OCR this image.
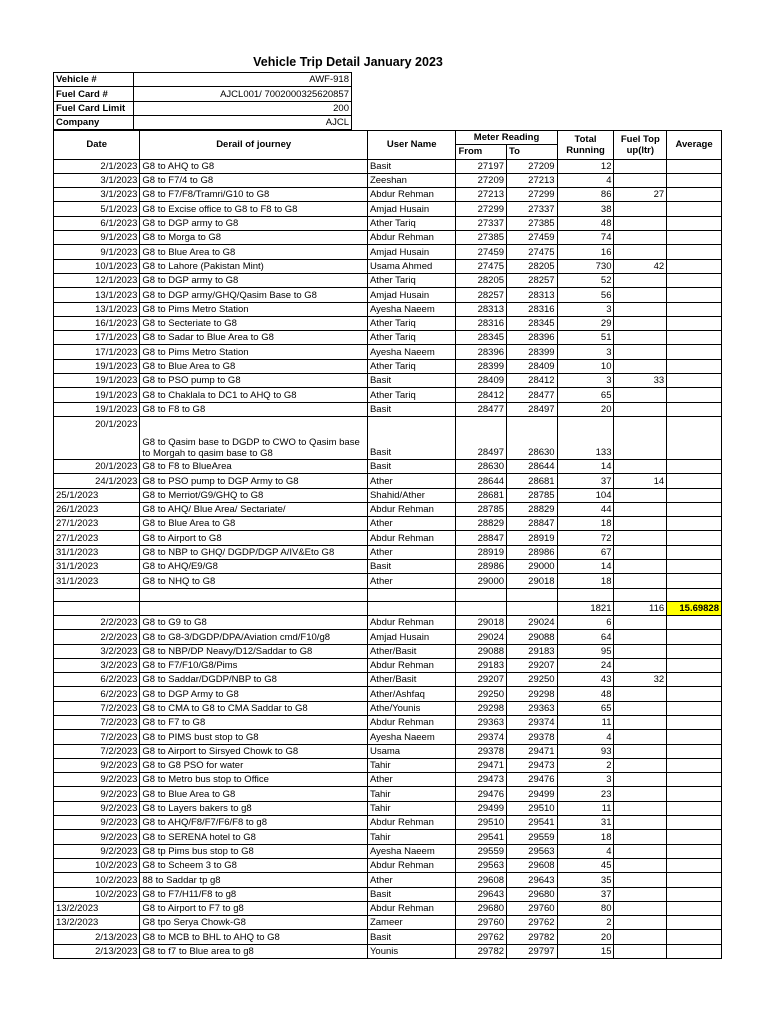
Vehicle Trip Detail January 2023
Vehicle #	AWF-918
Fuel Card #	AJCL001/ 7002000325620857
Fuel Card Limit	200
Company	AJCL
Date	Derail of journey	User Name	Meter Reading		Total Running	Fuel Top up(ltr)	Average
			From	To			
2/1/2023	G8 to AHQ to G8	Basit	27197	27209	12		
3/1/2023	G8 to F7/4 to G8	Zeeshan	27209	27213	4		
3/1/2023	G8 to F7/F8/Tramri/G10 to G8	Abdur Rehman	27213	27299	86	27	
5/1/2023	G8 to Excise office to G8 to F8 to G8	Amjad Husain	27299	27337	38		
6/1/2023	G8 to DGP army to G8	Ather Tariq	27337	27385	48		
9/1/2023	G8 to Morga to G8	Abdur Rehman	27385	27459	74		
9/1/2023	G8 to Blue Area to G8	Amjad Husain	27459	27475	16		
10/1/2023	G8 to Lahore (Pakistan Mint)	Usama Ahmed	27475	28205	730	42	
12/1/2023	G8 to DGP army to G8	Ather Tariq	28205	28257	52		
13/1/2023	G8 to DGP army/GHQ/Qasim Base to G8	Amjad Husain	28257	28313	56		
13/1/2023	G8 to Pims Metro Station	Ayesha Naeem	28313	28316	3		
16/1/2023	G8 to Secteriate to G8	Ather Tariq	28316	28345	29		
17/1/2023	G8 to Sadar to Blue Area to G8	Ather Tariq	28345	28396	51		
17/1/2023	G8 to Pims Metro Station	Ayesha Naeem	28396	28399	3		
19/1/2023	G8 to Blue Area to G8	Ather Tariq	28399	28409	10		
19/1/2023	G8 to PSO pump to G8	Basit	28409	28412	3	33	
19/1/2023	G8 to Chaklala to DC1 to AHQ to G8	Ather Tariq	28412	28477	65		
19/1/2023	G8 to F8 to G8	Basit	28477	28497	20		
20/1/2023	G8 to Qasim base to DGDP to CWO to Qasim base to Morgah to qasim base to G8	Basit	28497	28630	133		
20/1/2023	G8 to F8 to BlueArea	Basit	28630	28644	14		
24/1/2023	G8 to PSO pump to DGP Army to G8	Ather	28644	28681	37	14	
25/1/2023	G8 to Merriot/G9/GHQ to G8	Shahid/Ather	28681	28785	104		
26/1/2023	G8 to AHQ/ Blue Area/ Sectariate/	Abdur Rehman	28785	28829	44		
27/1/2023	G8 to Blue Area to G8	Ather	28829	28847	18		
27/1/2023	G8 to Airport to G8	Abdur Rehman	28847	28919	72		
31/1/2023	G8 to NBP to GHQ/ DGDP/DGP A/IV&Eto G8	Ather	28919	28986	67		
31/1/2023	G8 to AHQ/E9/G8	Basit	28986	29000	14		
31/1/2023	G8 to NHQ to G8	Ather	29000	29018	18		

					1821	116	15.69828
2/2/2023	G8 to G9 to G8	Abdur Rehman	29018	29024	6		
2/2/2023	G8 to G8-3/DGDP/DPA/Aviation cmd/F10/g8	Amjad Husain	29024	29088	64		
3/2/2023	G8 to NBP/DP Neavy/D12/Saddar to G8	Ather/Basit	29088	29183	95		
3/2/2023	G8 to F7/F10/G8/Pims	Abdur Rehman	29183	29207	24		
6/2/2023	G8 to Saddar/DGDP/NBP to G8	Ather/Basit	29207	29250	43	32	
6/2/2023	G8 to DGP Army to G8	Ather/Ashfaq	29250	29298	48		
7/2/2023	G8 to CMA to G8 to CMA Saddar to G8	Athe/Younis	29298	29363	65		
7/2/2023	G8 to F7 to G8	Abdur Rehman	29363	29374	11		
7/2/2023	G8 to PIMS bust stop to G8	Ayesha Naeem	29374	29378	4		
7/2/2023	G8 to Airport to Sirsyed Chowk to G8	Usama	29378	29471	93		
9/2/2023	G8 to G8 PSO for water	Tahir	29471	29473	2		
9/2/2023	G8 to Metro bus stop to Office	Ather	29473	29476	3		
9/2/2023	G8 to Blue Area to G8	Tahir	29476	29499	23		
9/2/2023	G8 to Layers bakers to g8	Tahir	29499	29510	11		
9/2/2023	G8 to AHQ/F8/F7/F6/F8 to g8	Abdur Rehman	29510	29541	31		
9/2/2023	G8 to SERENA hotel to G8	Tahir	29541	29559	18		
9/2/2023	G8 tp Pims bus stop to G8	Ayesha Naeem	29559	29563	4		
10/2/2023	G8 to Scheem 3 to G8	Abdur Rehman	29563	29608	45		
10/2/2023	88 to Saddar tp g8	Ather	29608	29643	35		
10/2/2023	G8 to F7/H11/F8 to g8	Basit	29643	29680	37		
13/2/2023	G8 to Airport to F7 to g8	Abdur Rehman	29680	29760	80		
13/2/2023	G8 tpo Serya Chowk-G8	Zameer	29760	29762	2		
2/13/2023	G8 to MCB to BHL to AHQ to G8	Basit	29762	29782	20		
2/13/2023	G8 to f7 to Blue area to g8	Younis	29782	29797	15		
